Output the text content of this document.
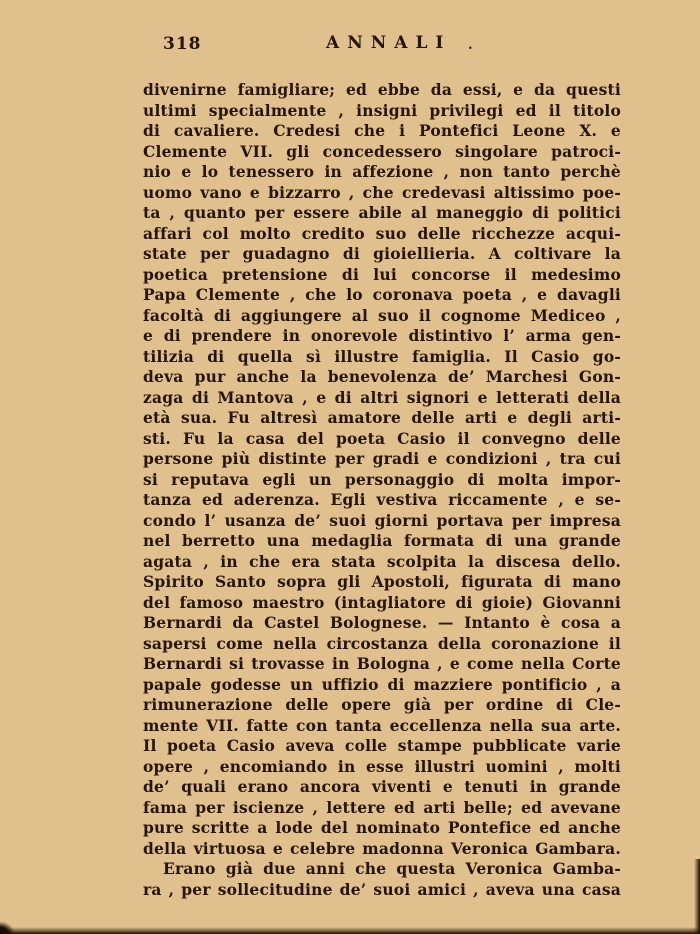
318	ANNALI .
divenirne famigliare; ed ebbe da essi, e da questi
ultimi specialmente , insigni privilegi ed il titolo
di cavaliere. Credesi che i Pontefici Leone X. e
Clemente VII. gli concedessero singolare patroci-
nio e lo tenessero in affezione , non tanto perchè
uomo vano e bizzarro , che credevasi altissimo poe-
ta , quanto per essere abile al maneggio di politici
affari col molto credito suo delle ricchezze acqui-
state per guadagno di gioiellieria. A coltivare la
poetica pretensione di lui concorse il medesimo
Papa Clemente , che lo coronava poeta , e davagli
facoltà di aggiungere al suo il cognome Mediceo ,
e di prendere in onorevole distintivo l’ arma gen-
tilizia di quella sì illustre famiglia. Il Casio go-
deva pur anche la benevolenza de’ Marchesi Gon-
zaga di Mantova , e di altri signori e letterati della
età sua. Fu altresì amatore delle arti e degli arti-
sti. Fu la casa del poeta Casio il convegno delle
persone più distinte per gradi e condizioni , tra cui
si reputava egli un personaggio di molta impor-
tanza ed aderenza. Egli vestiva riccamente , e se-
condo l’ usanza de’ suoi giorni portava per impresa
nel berretto una medaglia formata di una grande
agata , in che era stata scolpita la discesa dello.
Spirito Santo sopra gli Apostoli, figurata di mano
del famoso maestro (intagliatore di gioie) Giovanni
Bernardi da Castel Bolognese. — Intanto è cosa a
sapersi come nella circostanza della coronazione il
Bernardi si trovasse in Bologna , e come nella Corte
papale godesse un uffizio di mazziere pontificio , a
rimunerazione delle opere già per ordine di Cle-
mente VII. fatte con tanta eccellenza nella sua arte.
Il poeta Casio aveva colle stampe pubblicate varie
opere , encomiando in esse illustri uomini , molti
de’ quali erano ancora viventi e tenuti in grande
fama per iscienze , lettere ed arti belle; ed avevane
pure scritte a lode del nominato Pontefice ed anche
della virtuosa e celebre madonna Veronica Gambara.
Erano già due anni che questa Veronica Gamba-
ra , per sollecitudine de’ suoi amici , aveva una casa
